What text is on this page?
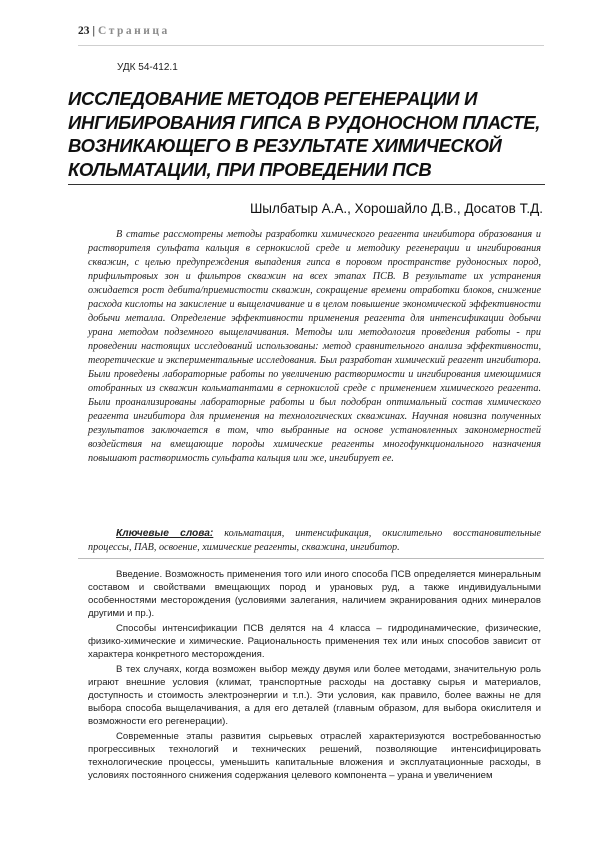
23 | Страница
УДК 54-412.1
ИССЛЕДОВАНИЕ МЕТОДОВ РЕГЕНЕРАЦИИ И ИНГИБИРОВАНИЯ ГИПСА В РУДОНОСНОМ ПЛАСТЕ, ВОЗНИКАЮЩЕГО В РЕЗУЛЬТАТЕ ХИМИЧЕСКОЙ КОЛЬМАТАЦИИ, ПРИ ПРОВЕДЕНИИ ПСВ
Шылбатыр А.А., Хорошайло Д.В., Досатов Т.Д.

В статье рассмотрены методы разработки химического реагента ингибитора образования и растворителя сульфата кальция в сернокислой среде и методику регенерации и ингибирования скважин, с целью предупреждения выпадения гипса в поровом пространстве рудоносных пород, прифильтровых зон и фильтров скважин на всех этапах ПСВ. В результате их устранения ожидается рост дебита/приемистости скважин, сокращение времени отработки блоков, снижение расхода кислоты на закисление и выщелачивание и в целом повышение экономической эффективности добычи металла. Определение эффективности применения реагента для интенсификации добычи урана методом подземного выщелачивания. Методы или методология проведения работы - при проведении настоящих исследований использованы: метод сравнительного анализа эффективности, теоретические и экспериментальные исследования. Был разработан химический реагент ингибитора. Были проведены лабораторные работы по увеличению растворимости и ингибирования имеющимися отобранных из скважин кольматантами в сернокислой среде с применением химического реагента. Были проанализированы лабораторные работы и был подобран оптимальный состав химического реагента ингибитора для применения на технологических скважинах. Научная новизна полученных результатов заключается в том, что выбранные на основе установленных закономерностей воздействия на вмещающие породы химические реагенты многофункционального назначения повышают растворимость сульфата кальция или же, ингибирует ее.

Ключевые слова: кольматация, интенсификация, окислительно восстановительные процессы, ПАВ, освоение, химические реагенты, скважина, ингибитор.

Введение. Возможность применения того или иного способа ПСВ определяется минеральным составом и свойствами вмещающих пород и урановых руд, а также индивидуальными особенностями месторождения (условиями залегания, наличием экранирования одних минералов другими и пр.).

Способы интенсификации ПСВ делятся на 4 класса – гидродинамические, физические, физико-химические и химические. Рациональность применения тех или иных способов зависит от характера конкретного месторождения.

В тех случаях, когда возможен выбор между двумя или более методами, значительную роль играют внешние условия (климат, транспортные расходы на доставку сырья и материалов, доступность и стоимость электроэнергии и т.п.). Эти условия, как правило, более важны не для выбора способа выщелачивания, а для его деталей (главным образом, для выбора окислителя и возможности его регенерации).

Современные этапы развития сырьевых отраслей характеризуются востребованностью прогрессивных технологий и технических решений, позволяющие интенсифицировать технологические процессы, уменьшить капитальные вложения и эксплуатационные расходы, в условиях постоянного снижения содержания целевого компонента – урана и увеличением
